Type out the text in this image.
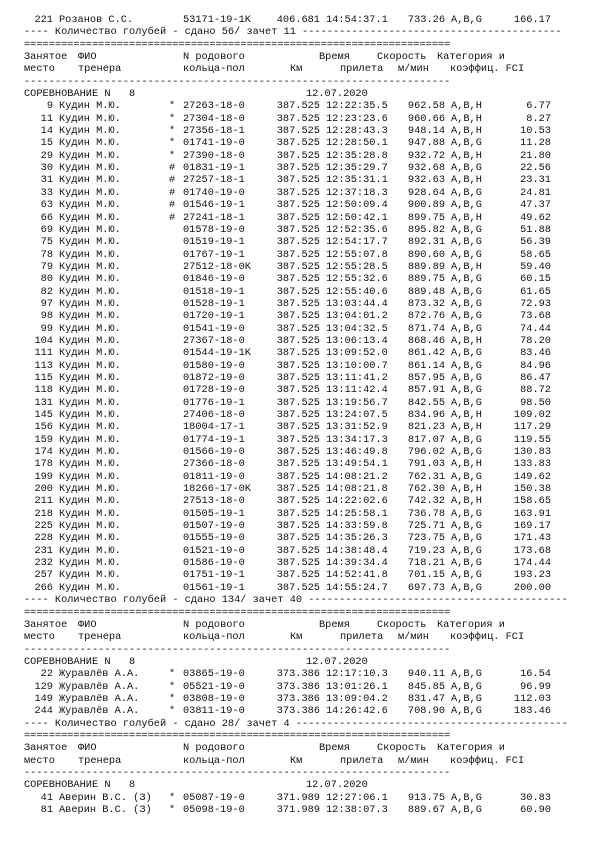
221 Розанов С.С.	53171-19-1K	406.681 14:54:37.1 733.26 A,B,G	166.17
---- Количество голубей - сдано 56/ зачет 11 ------------------------------------------
=====================================================================
Занятое ФИО	N родового	Время	Скорость Категория и
место тренера	кольца-пол	Км	прилета м/мин коэффиц. FCI
---------------------------------------------------------------------
СОРЕВНОВАНИЕ N   8	12.07.2020
9 Кудин М.Ю.	* 27263-18-0	387.525 12:22:35.5 962.58 A,B,H	6.77
11 Кудин М.Ю.	* 27304-18-0	387.525 12:23:23.6 960.66 A,B,H	8.27
14 Кудин М.Ю.	* 27356-18-1	387.525 12:28:43.3 948.14 A,B,H	10.53
15 Кудин М.Ю.	* 01741-19-0	387.525 12:28:50.1 947.88 A,B,G	11.28
29 Кудин М.Ю.	* 27390-18-0	387.525 12:35:28.8 932.72 A,B,H	21.80
30 Кудин М.Ю.	# 01831-19-1	387.525 12:35:29.7 932.68 A,B,G	22.56
31 Кудин М.Ю.	# 27257-18-1	387.525 12:35:31.1 932.63 A,B,H	23.31
33 Кудин М.Ю.	# 01740-19-0	387.525 12:37:18.3 928.64 A,B,G	24.81
63 Кудин М.Ю.	# 01546-19-1	387.525 12:50:09.4 900.89 A,B,G	47.37
66 Кудин М.Ю.	# 27241-18-1	387.525 12:50:42.1 899.75 A,B,H	49.62
69 Кудин М.Ю.	01578-19-0	387.525 12:52:35.6 895.82 A,B,G	51.88
75 Кудин М.Ю.	01519-19-1	387.525 12:54:17.7 892.31 A,B,G	56.39
78 Кудин М.Ю.	01767-19-1	387.525 12:55:07.8 890.60 A,B,G	58.65
79 Кудин М.Ю.	27512-18-0K	387.525 12:55:28.5 889.89 A,B,H	59.40
80 Кудин М.Ю.	01846-19-0	387.525 12:55:32.6 889.75 A,B,G	60.15
82 Кудин М.Ю.	01518-19-1	387.525 12:55:40.6 889.48 A,B,G	61.65
97 Кудин М.Ю.	01528-19-1	387.525 13:03:44.4 873.32 A,B,G	72.93
98 Кудин М.Ю.	01720-19-1	387.525 13:04:01.2 872.76 A,B,G	73.68
99 Кудин М.Ю.	01541-19-0	387.525 13:04:32.5 871.74 A,B,G	74.44
104 Кудин М.Ю.	27367-18-0	387.525 13:06:13.4 868.46 A,B,H	78.20
111 Кудин М.Ю.	01544-19-1K	387.525 13:09:52.0 861.42 A,B,G	83.46
113 Кудин М.Ю.	01580-19-0	387.525 13:10:00.7 861.14 A,B,G	84.96
115 Кудин М.Ю.	01872-19-0	387.525 13:11:41.2 857.95 A,B,G	86.47
118 Кудин М.Ю.	01728-19-0	387.525 13:11:42.4 857.91 A,B,G	88.72
131 Кудин М.Ю.	01776-19-1	387.525 13:19:56.7 842.55 A,B,G	98.50
145 Кудин М.Ю.	27406-18-0	387.525 13:24:07.5 834.96 A,B,H	109.02
156 Кудин М.Ю.	18004-17-1	387.525 13:31:52.9 821.23 A,B,H	117.29
159 Кудин М.Ю.	01774-19-1	387.525 13:34:17.3 817.07 A,B,G	119.55
174 Кудин М.Ю.	01566-19-0	387.525 13:46:49.8 796.02 A,B,G	130.83
178 Кудин М.Ю.	27366-18-0	387.525 13:49:54.1 791.03 A,B,H	133.83
199 Кудин М.Ю.	01811-19-0	387.525 14:08:21.2 762.31 A,B,G	149.62
200 Кудин М.Ю.	18266-17-0K	387.525 14:08:21.8 762.30 A,B,H	150.38
211 Кудин М.Ю.	27513-18-0	387.525 14:22:02.6 742.32 A,B,H	158.65
218 Кудин М.Ю.	01505-19-1	387.525 14:25:58.1 736.78 A,B,G	163.91
225 Кудин М.Ю.	01507-19-0	387.525 14:33:59.8 725.71 A,B,G	169.17
228 Кудин М.Ю.	01555-19-0	387.525 14:35:26.3 723.75 A,B,G	171.43
231 Кудин М.Ю.	01521-19-0	387.525 14:38:48.4 719.23 A,B,G	173.68
232 Кудин М.Ю.	01586-19-0	387.525 14:39:34.4 718.21 A,B,G	174.44
257 Кудин М.Ю.	01751-19-1	387.525 14:52:41.8 701.15 A,B,G	193.23
266 Кудин М.Ю.	01561-19-1	387.525 14:55:24.7 697.73 A,B,G	200.00
---- Количество голубей - сдано 134/ зачет 40 ------------------------------------------
=====================================================================
Занятое ФИО	N родового	Время	Скорость Категория и
место тренера	кольца-пол	Км	прилета м/мин коэффиц. FCI
---------------------------------------------------------------------
СОРЕВНОВАНИЕ N   8	12.07.2020
22 Журавлёв А.А.	* 03865-19-0	373.386 12:17:10.3 940.11 A,B,G	16.54
129 Журавлёв А.А.	* 05521-19-0	373.386 13:01:26.1 845.85 A,B,G	96.99
149 Журавлёв А.А.	* 03808-19-0	373.386 13:09:04.2 831.47 A,B,G	112.03
244 Журавлёв А.А.	* 03811-19-0	373.386 14:26:42.6 708.90 A,B,G	183.46
---- Количество голубей - сдано 28/ зачет 4 --------------------------------------------
=====================================================================
Занятое ФИО	N родового	Время	Скорость Категория и
место тренера	кольца-пол	Км	прилета м/мин коэффиц. FCI
---------------------------------------------------------------------
СОРЕВНОВАНИЕ N   8	12.07.2020
41 Аверин В.С. (З) * 05087-19-0	371.989 12:27:06.1 913.75 A,B,G	30.83
81 Аверин В.С. (З) * 05098-19-0	371.989 12:38:07.3 889.67 A,B,G	60.90
